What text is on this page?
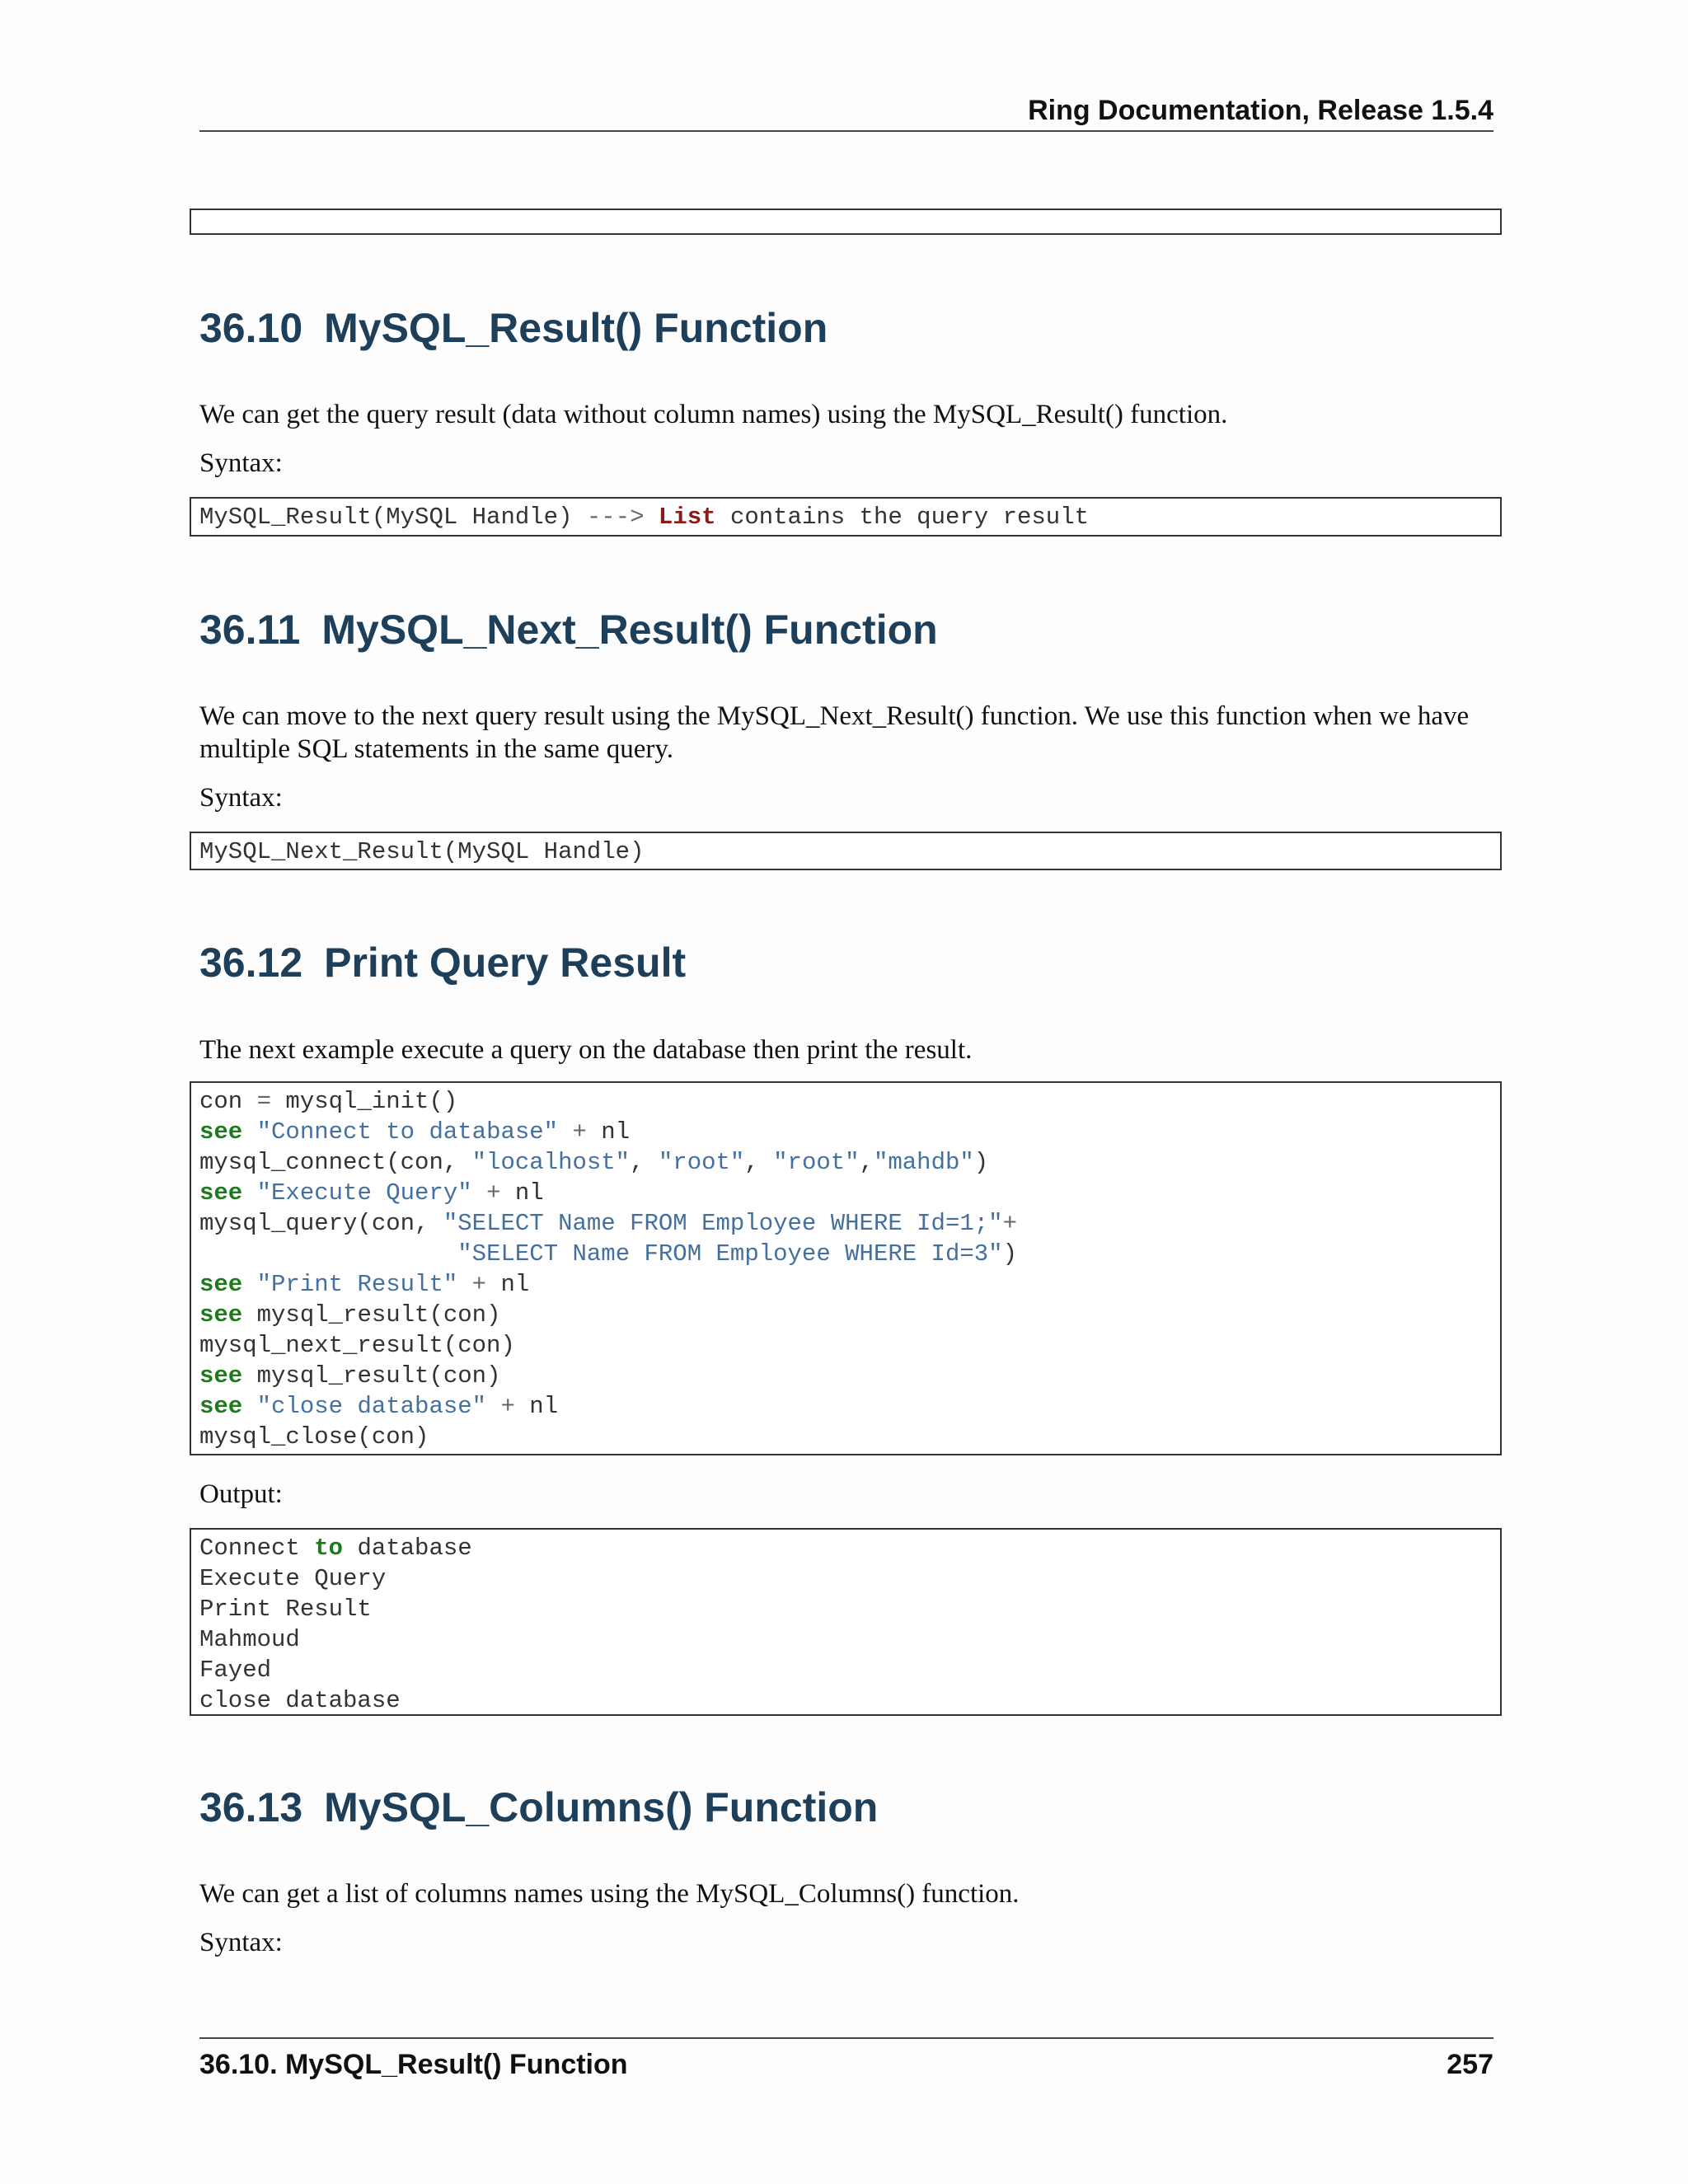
Ring Documentation, Release 1.5.4
36.10 MySQL_Result() Function

We can get the query result (data without column names) using the MySQL_Result() function.

Syntax:

MySQL_Result(MySQL Handle) ---> List contains the query result
36.11 MySQL_Next_Result() Function

We can move to the next query result using the MySQL_Next_Result() function. We use this function when we have multiple SQL statements in the same query.

Syntax:

MySQL_Next_Result(MySQL Handle)
36.12 Print Query Result

The next example execute a query on the database then print the result.

con = mysql_init()
see "Connect to database" + nl
mysql_connect(con, "localhost", "root", "root","mahdb")
see "Execute Query" + nl
mysql_query(con, "SELECT Name FROM Employee WHERE Id=1;"+
"SELECT Name FROM Employee WHERE Id=3")
see "Print Result" + nl
see mysql_result(con)
mysql_next_result(con)
see mysql_result(con)
see "close database" + nl
mysql_close(con)

Output:

Connect to database
Execute Query
Print Result
Mahmoud
Fayed
close database
36.13 MySQL_Columns() Function

We can get a list of columns names using the MySQL_Columns() function.

Syntax:

36.10. MySQL_Result() Function	257
